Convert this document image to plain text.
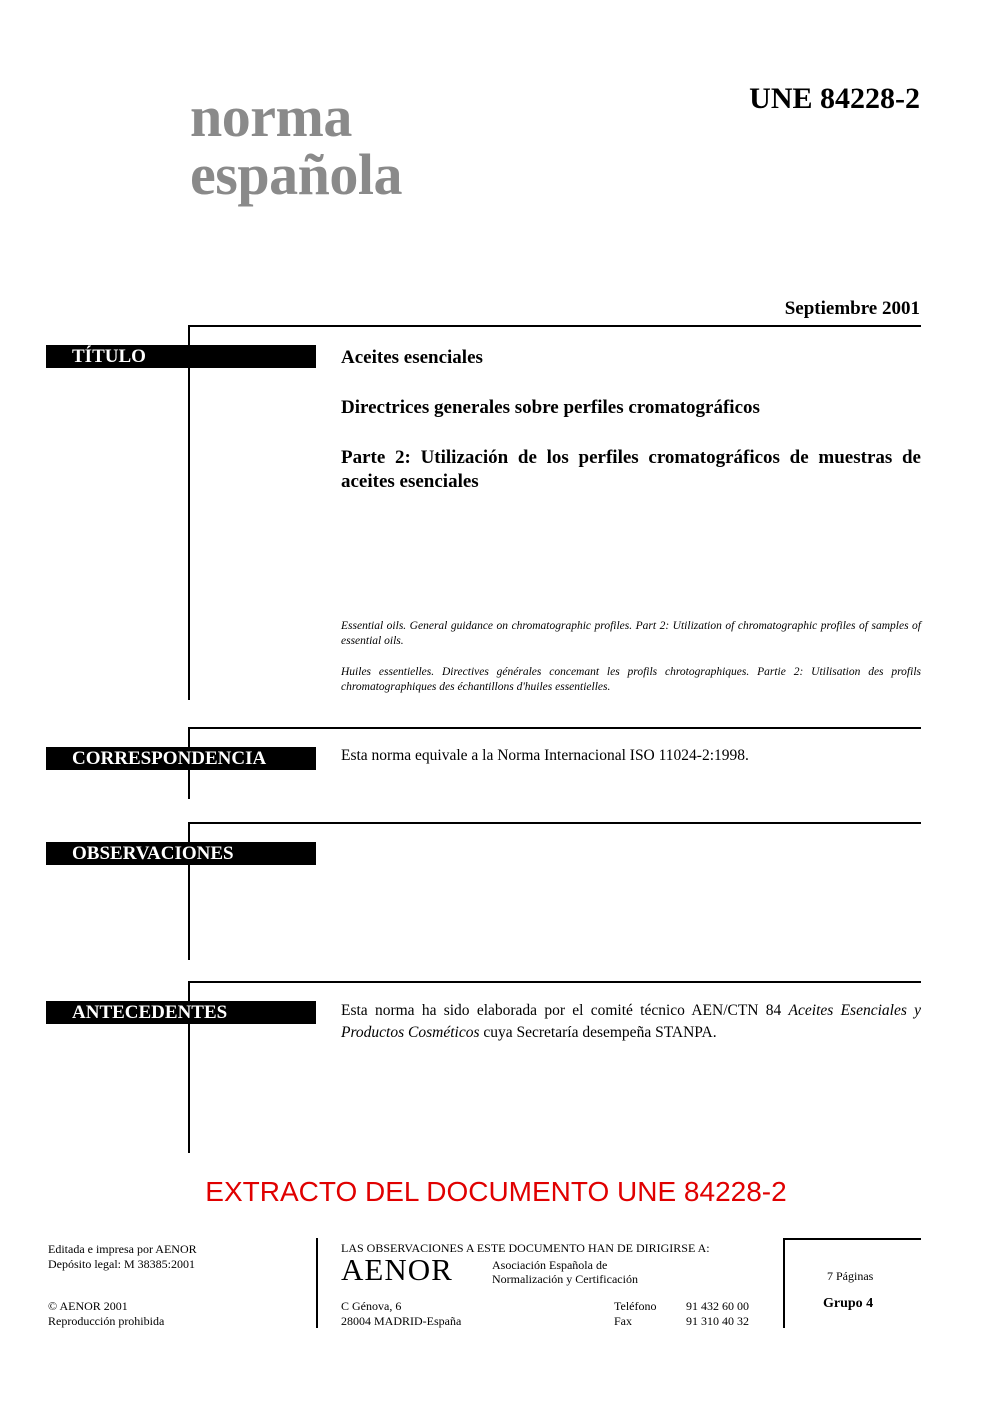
norma
española
UNE 84228-2
Septiembre 2001
TÍTULO	Aceites esenciales
Directrices generales sobre perfiles cromatográficos
Parte 2: Utilización de los perfiles cromatográficos de muestras de aceites esenciales
Essential oils. General guidance on chromatographic profiles. Part 2: Utilization of chromatographic profiles of samples of essential oils.
Huiles essentielles. Directives générales concemant les profils chrotographiques. Partie 2: Utilisation des profils chromatographiques des échantillons d'huiles essentielles.
CORRESPONDENCIA	Esta norma equivale a la Norma Internacional ISO 11024-2:1998.
OBSERVACIONES
ANTECEDENTES	Esta norma ha sido elaborada por el comité técnico AEN/CTN 84 Aceites Esenciales y Productos Cosméticos cuya Secretaría desempeña STANPA.
EXTRACTO DEL DOCUMENTO UNE 84228-2
Editada e impresa por AENOR
Depósito legal: M 38385:2001
© AENOR 2001
Reproducción prohibida
LAS OBSERVACIONES A ESTE DOCUMENTO HAN DE DIRIGIRSE A:
AENOR	Asociación Española de
Normalización y Certificación
C Génova, 6
28004 MADRID-España
Teléfono 91 432 60 00
Fax	91 310 40 32
7 Páginas
Grupo 4
